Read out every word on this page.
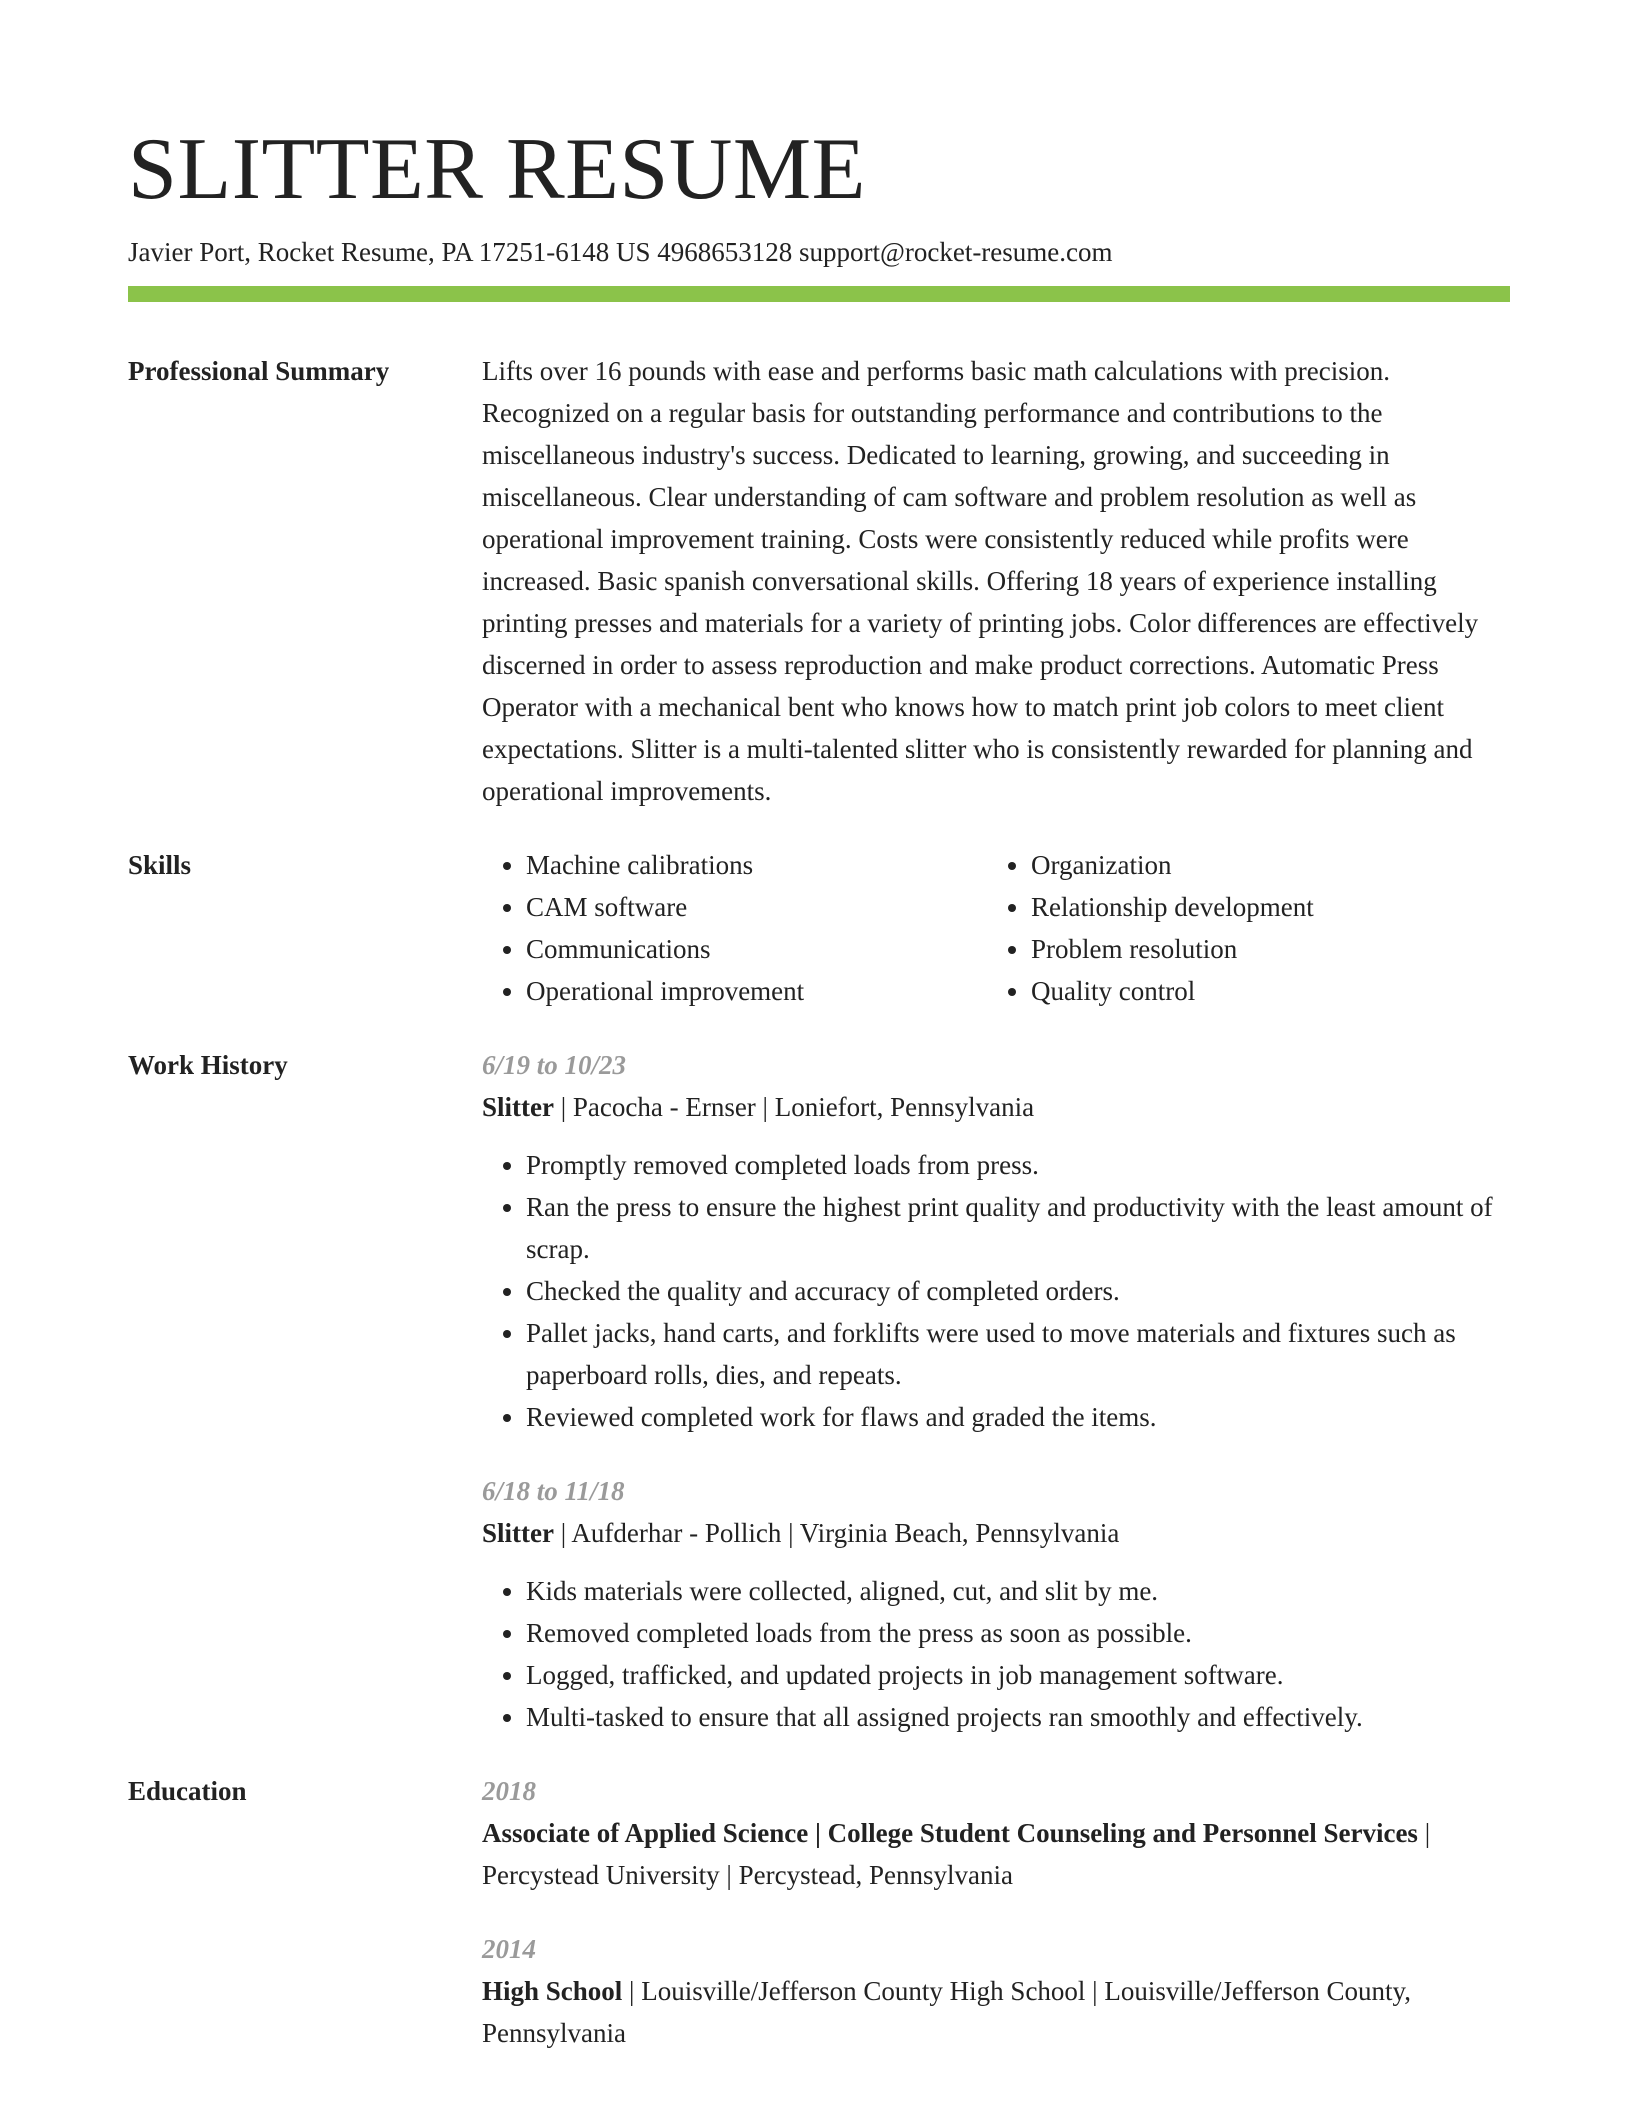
SLITTER RESUME
Javier Port, Rocket Resume, PA 17251-6148 US 4968653128 support@rocket-resume.com
Professional Summary	Lifts over 16 pounds with ease and performs basic math calculations with precision. Recognized on a regular basis for outstanding performance and contributions to the miscellaneous industry's success. Dedicated to learning, growing, and succeeding in miscellaneous. Clear understanding of cam software and problem resolution as well as operational improvement training. Costs were consistently reduced while profits were increased. Basic spanish conversational skills. Offering 18 years of experience installing printing presses and materials for a variety of printing jobs. Color differences are effectively discerned in order to assess reproduction and make product corrections. Automatic Press Operator with a mechanical bent who knows how to match print job colors to meet client expectations. Slitter is a multi-talented slitter who is consistently rewarded for planning and operational improvements.

Skills
•	Machine calibrations
• CAM software
• Communications
• Operational improvement
• Organization
• Relationship development
• Problem resolution
• Quality control
Work History	6/19 to 10/23
Slitter | Pacocha - Ernser | Loniefort, Pennsylvania
• Promptly removed completed loads from press.
• Ran the press to ensure the highest print quality and productivity with the least amount of scrap.
• Checked the quality and accuracy of completed orders.
• Pallet jacks, hand carts, and forklifts were used to move materials and fixtures such as paperboard rolls, dies, and repeats.
• Reviewed completed work for flaws and graded the items.
6/18 to 11/18
Slitter | Aufderhar - Pollich | Virginia Beach, Pennsylvania
• Kids materials were collected, aligned, cut, and slit by me.
• Removed completed loads from the press as soon as possible.
• Logged, trafficked, and updated projects in job management software.
• Multi-tasked to ensure that all assigned projects ran smoothly and effectively.
Education	2018
Associate of Applied Science | College Student Counseling and Personnel Services | Percystead University | Percystead, Pennsylvania
2014
High School | Louisville/Jefferson County High School | Louisville/Jefferson County, Pennsylvania
